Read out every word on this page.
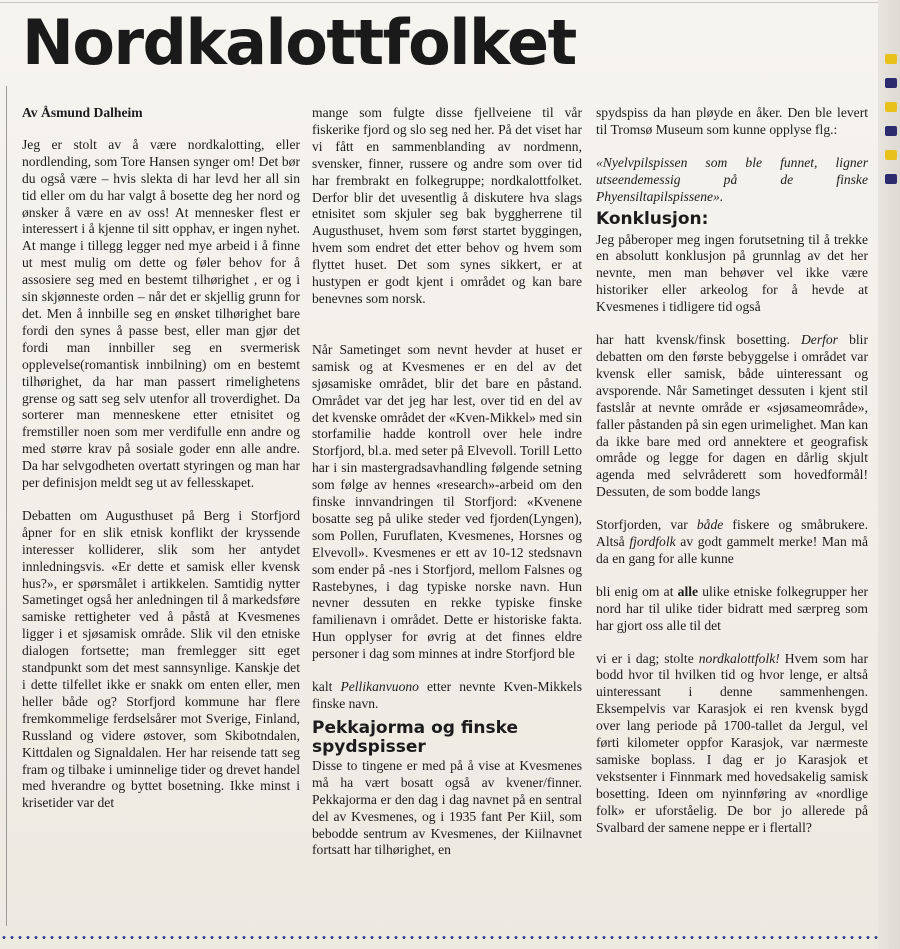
Nordkalottfolket

Av Åsmund Dalheim

Jeg er stolt av å være nordkalotting, eller nordlending, som Tore Hansen synger om! Det bør du også være – hvis slekta di har levd her all sin tid eller om du har valgt å bosette deg her nord og ønsker å være en av oss! At mennesker flest er interessert i å kjenne til sitt opphav, er ingen nyhet. At mange i tillegg legger ned mye arbeid i å finne ut mest mulig om dette og føler behov for å assosiere seg med en bestemt tilhørighet , er og i sin skjønneste orden – når det er skjellig grunn for det. Men å innbille seg en ønsket tilhørighet bare fordi den synes å passe best, eller man gjør det fordi man innbiller seg en svermerisk opplevelse(romantisk innbilning) om en bestemt tilhørighet, da har man passert rimelighetens grense og satt seg selv utenfor all troverdighet. Da sorterer man menneskene etter etnisitet og fremstiller noen som mer verdifulle enn andre og med større krav på sosiale goder enn alle andre. Da har selvgodheten overtatt styringen og man har per definisjon meldt seg ut av fellesskapet.

Debatten om Augusthuset på Berg i Storfjord åpner for en slik etnisk konflikt der kryssende interesser kolliderer, slik som her antydet innledningsvis. «Er dette et samisk eller kvensk hus?», er spørsmålet i artikkelen. Samtidig nytter Sametinget også her anledningen til å markedsføre samiske rettigheter ved å påstå at Kvesmenes ligger i et sjøsamisk område. Slik vil den etniske dialogen fortsette; man fremlegger sitt eget standpunkt som det mest sannsynlige. Kanskje det i dette tilfellet ikke er snakk om enten eller, men heller både og? Storfjord kommune har flere fremkommelige ferdselsårer mot Sverige, Finland, Russland og videre østover, som Skibotndalen, Kittdalen og Signaldalen. Her har reisende tatt seg fram og tilbake i uminnelige tider og drevet handel med hverandre og byttet bosetning. Ikke minst i krisetider var det

mange som fulgte disse fjellveiene til vår fiskerike fjord og slo seg ned her. På det viset har vi fått en sammenblanding av nordmenn, svensker, finner, russere og andre som over tid har frembrakt en folkegruppe; nordkalottfolket. Derfor blir det uvesentlig å diskutere hva slags etnisitet som skjuler seg bak byggherrene til Augusthuset, hvem som først startet byggingen, hvem som endret det etter behov og hvem som flyttet huset. Det som synes sikkert, er at hustypen er godt kjent i området og kan bare benevnes som norsk.

Når Sametinget som nevnt hevder at huset er samisk og at Kvesmenes er en del av det sjøsamiske området, blir det bare en påstand. Området var det jeg har lest, over tid en del av det kvenske området der «Kven-Mikkel» med sin storfamilie hadde kontroll over hele indre Storfjord, bl.a. med seter på Elvevoll. Torill Letto har i sin mastergradsavhandling følgende setning som følge av hennes «research»-arbeid om den finske innvandringen til Storfjord: «Kvenene bosatte seg på ulike steder ved fjorden(Lyngen), som Pollen, Furuflaten, Kvesmenes, Horsnes og Elvevoll». Kvesmenes er ett av 10-12 stedsnavn som ender på -nes i Storfjord, mellom Falsnes og Rastebynes, i dag typiske norske navn. Hun nevner dessuten en rekke typiske finske familienavn i området. Dette er historiske fakta. Hun opplyser for øvrig at det finnes eldre personer i dag som minnes at indre Storfjord ble

kalt Pellikanvuono etter nevnte Kven-Mikkels finske navn.

Pekkajorma og finske spydspisser

Disse to tingene er med på å vise at Kvesmenes må ha vært bosatt også av kvener/finner. Pekkajorma er den dag i dag navnet på en sentral del av Kvesmenes, og i 1935 fant Per Kiil, som bebodde sentrum av Kvesmenes, der Kiilnavnet fortsatt har tilhørighet, en

spydspiss da han pløyde en åker. Den ble levert til Tromsø Museum som kunne opplyse flg.:

«Nyelvpilspissen som ble funnet, ligner utseendemessig på de finske Phyensiltapilspissene».

Konklusjon:

Jeg påberoper meg ingen forutsetning til å trekke en absolutt konklusjon på grunnlag av det her nevnte, men man behøver vel ikke være historiker eller arkeolog for å hevde at Kvesmenes i tidligere tid også

har hatt kvensk/finsk bosetting. Derfor blir debatten om den første bebyggelse i området var kvensk eller samisk, både uinteressant og avsporende. Når Sametinget dessuten i kjent stil fastslår at nevnte område er «sjøsameområde», faller påstanden på sin egen urimelighet. Man kan da ikke bare med ord annektere et geografisk område og legge for dagen en dårlig skjult agenda med selvråderett som hovedformål! Dessuten, de som bodde langs

Storfjorden, var både fiskere og småbrukere. Altså fjordfolk av godt gammelt merke! Man må da en gang for alle kunne

bli enig om at alle ulike etniske folkegrupper her nord har til ulike tider bidratt med særpreg som har gjort oss alle til det

vi er i dag; stolte nordkalottfolk! Hvem som har bodd hvor til hvilken tid og hvor lenge, er altså uinteressant i denne sammenhengen. Eksempelvis var Karasjok ei ren kvensk bygd over lang periode på 1700-tallet da Jergul, vel førti kilometer oppfor Karasjok, var nærmeste samiske boplass. I dag er jo Karasjok et vekstsenter i Finnmark med hovedsakelig samisk bosetting. Ideen om nyinnføring av «nordlige folk» er uforståelig. De bor jo allerede på Svalbard der samene neppe er i flertall?
